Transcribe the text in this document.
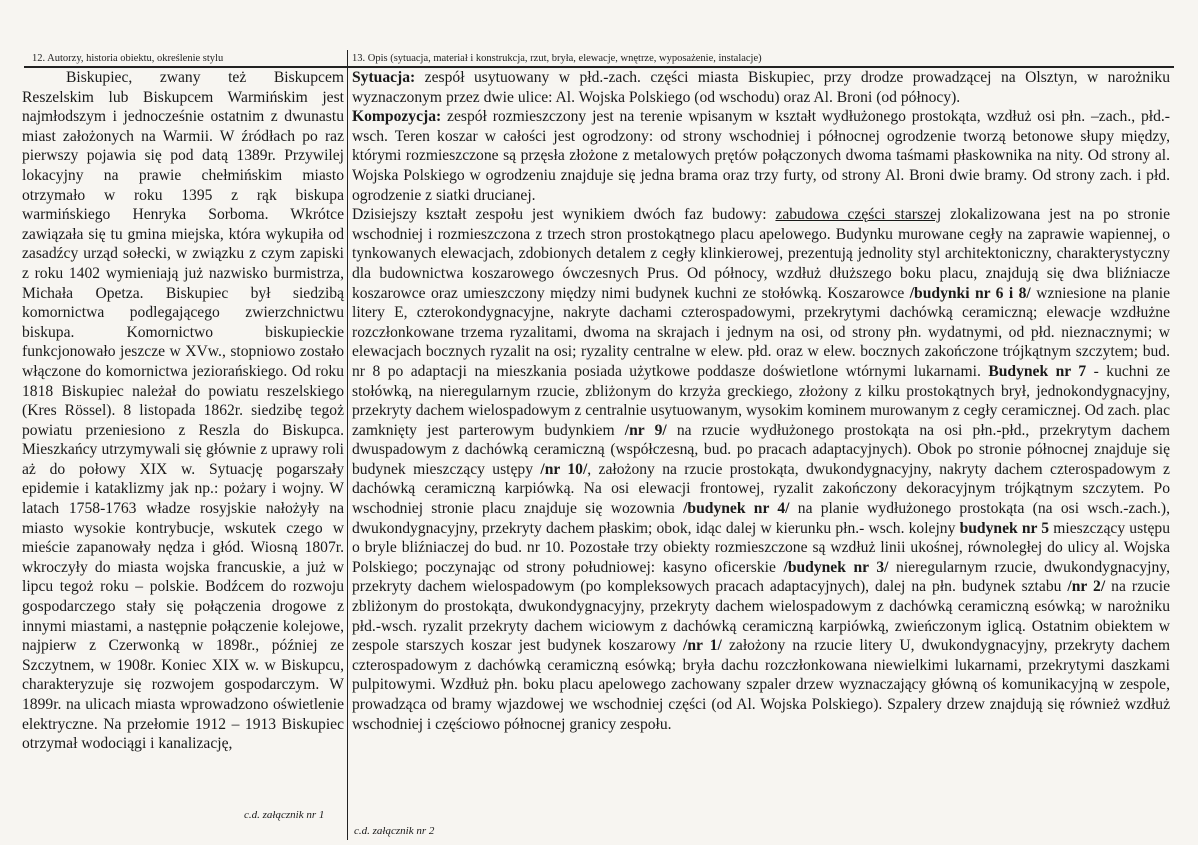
12. Autorzy, historia obiektu, określenie stylu	13. Opis (sytuacja, materiał i konstrukcja, rzut, bryła, elewacje, wnętrze, wyposażenie, instalacje)

Biskupiec, zwany też Biskupcem Reszelskim lub Biskupcem Warmińskim jest najmłodszym i jednocześnie ostatnim z dwunastu miast założonych na Warmii. W źródłach po raz pierwszy pojawia się pod datą 1389r. Przywilej lokacyjny na prawie chełmińskim miasto otrzymało w roku 1395 z rąk biskupa warmińskiego Henryka Sorboma. Wkrótce zawiązała się tu gmina miejska, która wykupiła od zasadźcy urząd sołecki, w związku z czym zapiski z roku 1402 wymieniają już nazwisko burmistrza, Michała Opetza. Biskupiec był siedzibą komornictwa podlegającego zwierzchnictwu biskupa. Komornictwo biskupieckie funkcjonowało jeszcze w XVw., stopniowo zostało włączone do komornictwa jeziorańskiego. Od roku 1818 Biskupiec należał do powiatu reszelskiego (Kres Rössel). 8 listopada 1862r. siedzibę tegoż powiatu przeniesiono z Reszla do Biskupca. Mieszkańcy utrzymywali się głównie z uprawy roli aż do połowy XIX w. Sytuację pogarszały epidemie i kataklizmy jak np.: pożary i wojny. W latach 1758-1763 władze rosyjskie nałożyły na miasto wysokie kontrybucje, wskutek czego w mieście zapanowały nędza i głód. Wiosną 1807r. wkroczyły do miasta wojska francuskie, a już w lipcu tegoż roku – polskie. Bodźcem do rozwoju gospodarczego stały się połączenia drogowe z innymi miastami, a następnie połączenie kolejowe, najpierw z Czerwonką w 1898r., później ze Szczytnem, w 1908r. Koniec XIX w. w Biskupcu, charakteryzuje się rozwojem gospodarczym. W 1899r. na ulicach miasta wprowadzono oświetlenie elektryczne. Na przełomie 1912 – 1913 Biskupiec otrzymał wodociągi i kanalizację,

c.d. załącznik nr 1

Sytuacja: zespół usytuowany w płd.-zach. części miasta Biskupiec, przy drodze prowadzącej na Olsztyn, w narożniku wyznaczonym przez dwie ulice: Al. Wojska Polskiego (od wschodu) oraz Al. Broni (od północy).

Kompozycja: zespół rozmieszczony jest na terenie wpisanym w kształt wydłużonego prostokąta, wzdłuż osi płn. –zach., płd.- wsch. Teren koszar w całości jest ogrodzony: od strony wschodniej i północnej ogrodzenie tworzą betonowe słupy między, którymi rozmieszczone są przęsła złożone z metalowych prętów połączonych dwoma taśmami płaskownika na nity. Od strony al. Wojska Polskiego w ogrodzeniu znajduje się jedna brama oraz trzy furty, od strony Al. Broni dwie bramy. Od strony zach. i płd. ogrodzenie z siatki drucianej.

Dzisiejszy kształt zespołu jest wynikiem dwóch faz budowy: zabudowa części starszej zlokalizowana jest na po stronie wschodniej i rozmieszczona z trzech stron prostokątnego placu apelowego. Budynku murowane cegły na zaprawie wapiennej, o tynkowanych elewacjach, zdobionych detalem z cegły klinkierowej, prezentują jednolity styl architektoniczny, charakterystyczny dla budownictwa koszarowego ówczesnych Prus. Od północy, wzdłuż dłuższego boku placu, znajdują się dwa bliźniacze koszarowce oraz umieszczony między nimi budynek kuchni ze stołówką. Koszarowce /budynki nr 6 i 8/ wzniesione na planie litery E, czterokondygnacyjne, nakryte dachami czterospadowymi, przekrytymi dachówką ceramiczną; elewacje wzdłużne rozczłonkowane trzema ryzalitami, dwoma na skrajach i jednym na osi, od strony płn. wydatnymi, od płd. nieznacznymi; w elewacjach bocznych ryzalit na osi; ryzality centralne w elew. płd. oraz w elew. bocznych zakończone trójkątnym szczytem; bud. nr 8 po adaptacji na mieszkania posiada użytkowe poddasze doświetlone wtórnymi lukarnami. Budynek nr 7 - kuchni ze stołówką, na nieregularnym rzucie, zbliżonym do krzyża greckiego, złożony z kilku prostokątnych brył, jednokondygnacyjny, przekryty dachem wielospadowym z centralnie usytuowanym, wysokim kominem murowanym z cegły ceramicznej. Od zach. plac zamknięty jest parterowym budynkiem /nr 9/ na rzucie wydłużonego prostokąta na osi płn.-płd., przekrytym dachem dwuspadowym z dachówką ceramiczną (współczesną, bud. po pracach adaptacyjnych). Obok po stronie północnej znajduje się budynek mieszczący ustępy /nr 10/, założony na rzucie prostokąta, dwukondygnacyjny, nakryty dachem czterospadowym z dachówką ceramiczną karpiówką. Na osi elewacji frontowej, ryzalit zakończony dekoracyjnym trójkątnym szczytem. Po wschodniej stronie placu znajduje się wozownia /budynek nr 4/ na planie wydłużonego prostokąta (na osi wsch.-zach.), dwukondygnacyjny, przekryty dachem płaskim; obok, idąc dalej w kierunku płn.- wsch. kolejny budynek nr 5 mieszczący ustępu o bryle bliźniaczej do bud. nr 10. Pozostałe trzy obiekty rozmieszczone są wzdłuż linii ukośnej, równoległej do ulicy al. Wojska Polskiego; poczynając od strony południowej: kasyno oficerskie /budynek nr 3/ nieregularnym rzucie, dwukondygnacyjny, przekryty dachem wielospadowym (po kompleksowych pracach adaptacyjnych), dalej na płn. budynek sztabu /nr 2/ na rzucie zbliżonym do prostokąta, dwukondygnacyjny, przekryty dachem wielospadowym z dachówką ceramiczną esówką; w narożniku płd.-wsch. ryzalit przekryty dachem wiciowym z dachówką ceramiczną karpiówką, zwieńczonym iglicą. Ostatnim obiektem w zespole starszych koszar jest budynek koszarowy /nr 1/ założony na rzucie litery U, dwukondygnacyjny, przekryty dachem czterospadowym z dachówką ceramiczną esówką; bryła dachu rozczłonkowana niewielkimi lukarnami, przekrytymi daszkami pulpitowymi. Wzdłuż płn. boku placu apelowego zachowany szpaler drzew wyznaczający główną oś komunikacyjną w zespole, prowadząca od bramy wjazdowej we wschodniej części (od Al. Wojska Polskiego). Szpalery drzew znajdują się również wzdłuż wschodniej i częściowo północnej granicy zespołu.

c.d. załącznik nr 2
